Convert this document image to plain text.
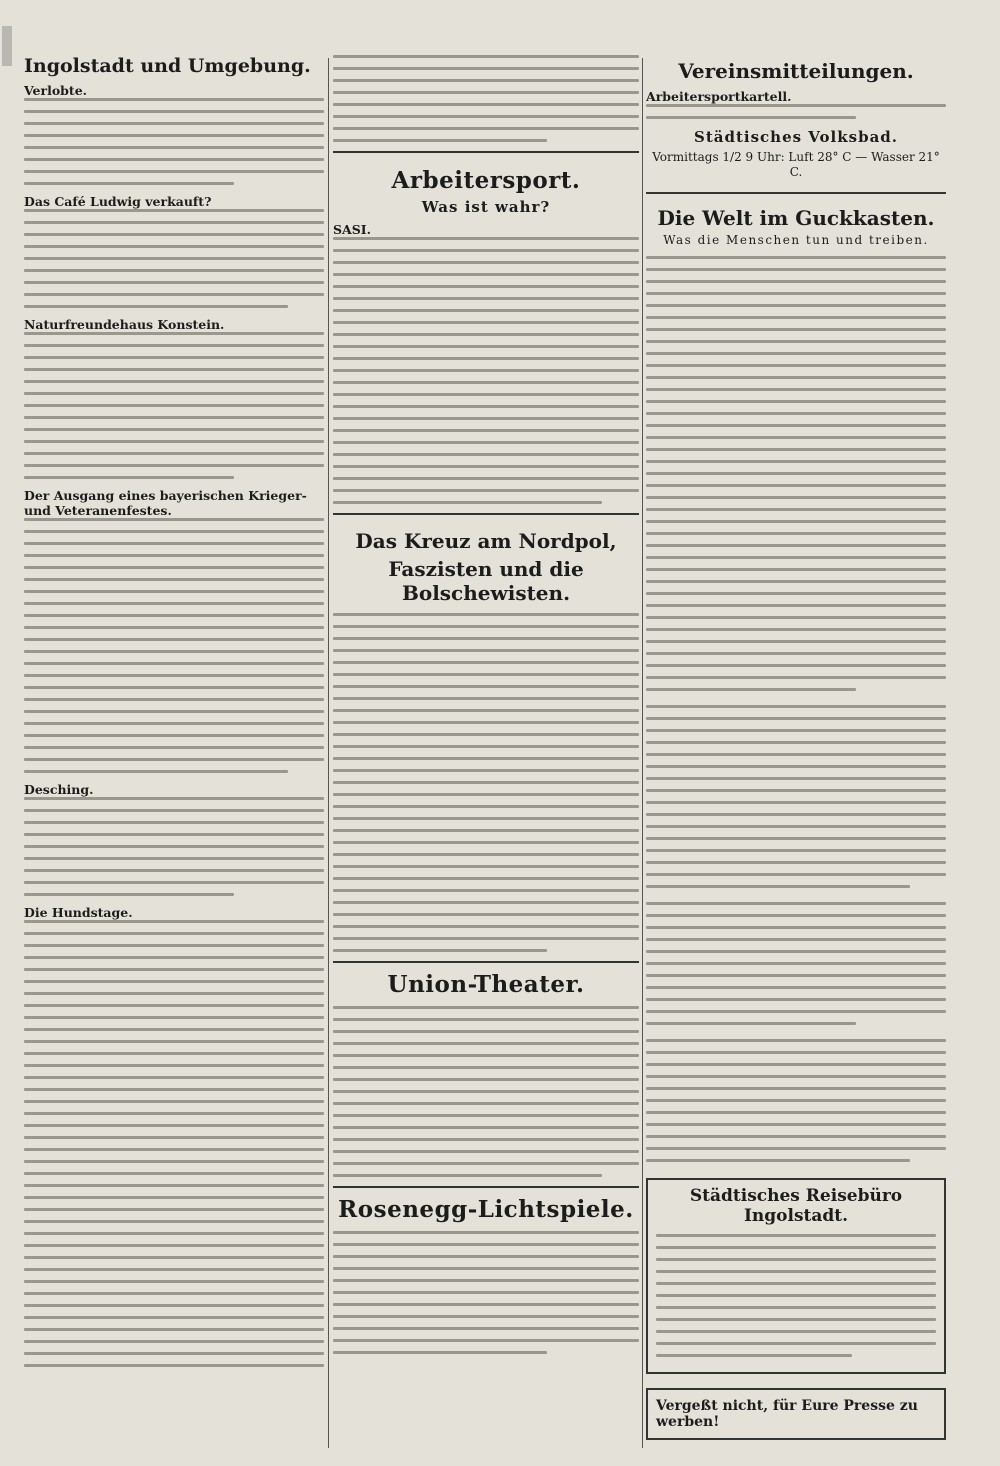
Ingolstadt und Umgebung.
Verlobte.
Das Café Ludwig verkauft?
Naturfreundehaus Konstein.
Der Ausgang eines bayerischen Krieger- und Veteranenfestes.
Desching.
Die Hundstage.
Arbeitersport.
Was ist wahr?
SASI.
Das Kreuz am Nordpol,
Faszisten und die Bolschewisten.
Union-Theater.
Rosenegg-Lichtspiele.
Vereinsmitteilungen.
Arbeitersportkartell.
Städtisches Volksbad.
Vormittags 1/2 9 Uhr: Luft 28° C — Wasser 21° C.
Die Welt im Guckkasten.
Was die Menschen tun und treiben.
Städtisches Reisebüro Ingolstadt.
Vergeßt nicht, für Eure Presse zu werben!
